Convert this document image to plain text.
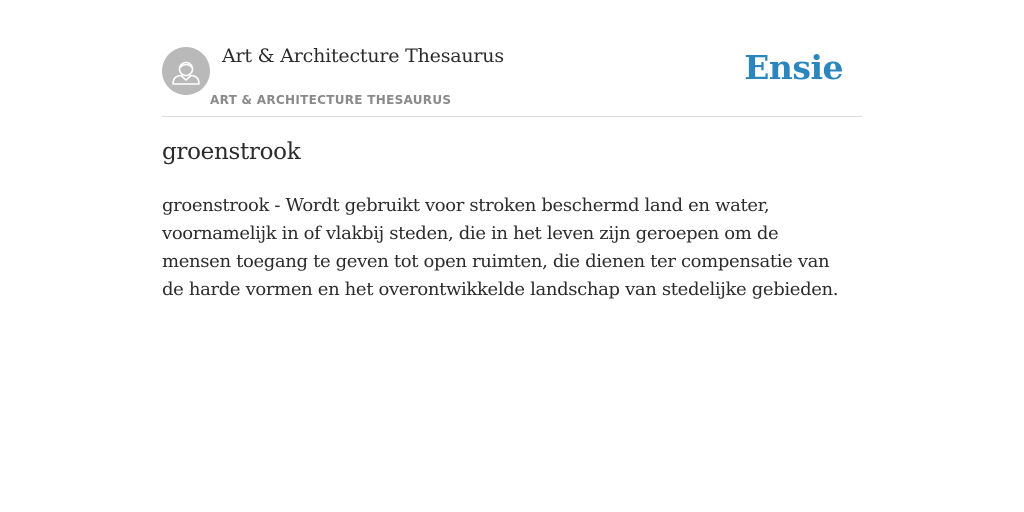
Art & Architecture Thesaurus
ART & ARCHITECTURE THESAURUS
Ensie
groenstrook

groenstrook - Wordt gebruikt voor stroken beschermd land en water, voornamelijk in of vlakbij steden, die in het leven zijn geroepen om de mensen toegang te geven tot open ruimten, die dienen ter compensatie van de harde vormen en het overontwikkelde landschap van stedelijke gebieden.
